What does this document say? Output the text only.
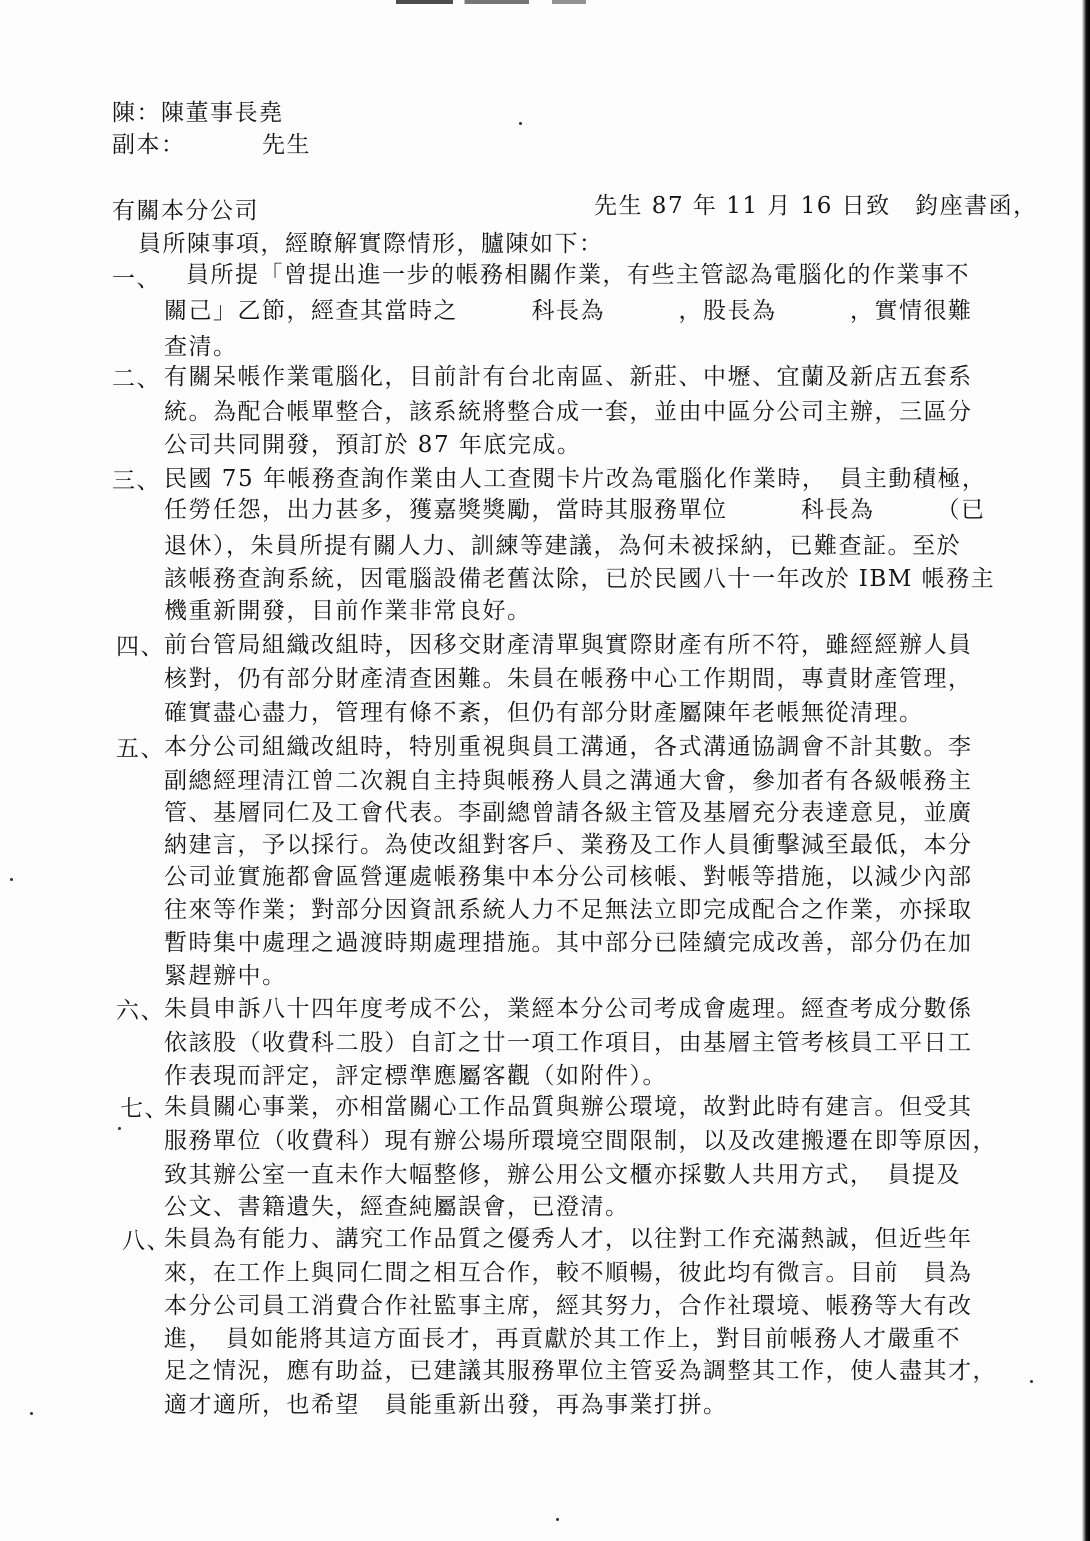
陳：陳董事長堯
副本：	先生
有關本分公司	先生 87 年 11 月 16 日致　鈞座書函，
員所陳事項，經瞭解實際情形，臚陳如下：
一、 員所提「曾提出進一步的帳務相關作業，有些主管認為電腦化的作業事不
關己」乙節，經查其當時之　　　科長為　　　，股長為　　　，實情很難
查清。
二、 有關呆帳作業電腦化，目前計有台北南區、新莊、中壢、宜蘭及新店五套系
統。為配合帳單整合，該系統將整合成一套，並由中區分公司主辦，三區分
公司共同開發，預訂於 87 年底完成。
三、 民國 75 年帳務查詢作業由人工查閱卡片改為電腦化作業時，　員主動積極，
任勞任怨，出力甚多，獲嘉獎獎勵，當時其服務單位　　　科長為　　　（已
退休），朱員所提有關人力、訓練等建議，為何未被採納，已難查証。至於
該帳務查詢系統，因電腦設備老舊汰除，已於民國八十一年改於 IBM 帳務主
機重新開發，目前作業非常良好。
四、 前台管局組織改組時，因移交財產清單與實際財產有所不符，雖經經辦人員
核對，仍有部分財產清查困難。朱員在帳務中心工作期間，專責財產管理，
確實盡心盡力，管理有條不紊，但仍有部分財產屬陳年老帳無從清理。
五、 本分公司組織改組時，特別重視與員工溝通，各式溝通協調會不計其數。李
副總經理清江曾二次親自主持與帳務人員之溝通大會，參加者有各級帳務主
管、基層同仁及工會代表。李副總曾請各級主管及基層充分表達意見，並廣
納建言，予以採行。為使改組對客戶、業務及工作人員衝擊減至最低，本分
公司並實施都會區營運處帳務集中本分公司核帳、對帳等措施，以減少內部
往來等作業；對部分因資訊系統人力不足無法立即完成配合之作業，亦採取
暫時集中處理之過渡時期處理措施。其中部分已陸續完成改善，部分仍在加
緊趕辦中。
六、 朱員申訴八十四年度考成不公，業經本分公司考成會處理。經查考成分數係
依該股（收費科二股）自訂之廿一項工作項目，由基層主管考核員工平日工
作表現而評定，評定標準應屬客觀（如附件）。
七、
朱員關心事業，亦相當關心工作品質與辦公環境，故對此時有建言。但受其
服務單位（收費科）現有辦公場所環境空間限制，以及改建搬遷在即等原因，
致其辦公室一直未作大幅整修，辦公用公文櫃亦採數人共用方式，　員提及
公文、書籍遺失，經查純屬誤會，已澄清。
八、
朱員為有能力、講究工作品質之優秀人才，以往對工作充滿熱誠，但近些年
來，在工作上與同仁間之相互合作，較不順暢，彼此均有微言。目前　員為
本分公司員工消費合作社監事主席，經其努力，合作社環境、帳務等大有改
進，　員如能將其這方面長才，再貢獻於其工作上，對目前帳務人才嚴重不
足之情況，應有助益，已建議其服務單位主管妥為調整其工作，使人盡其才，
適才適所，也希望　員能重新出發，再為事業打拼。
